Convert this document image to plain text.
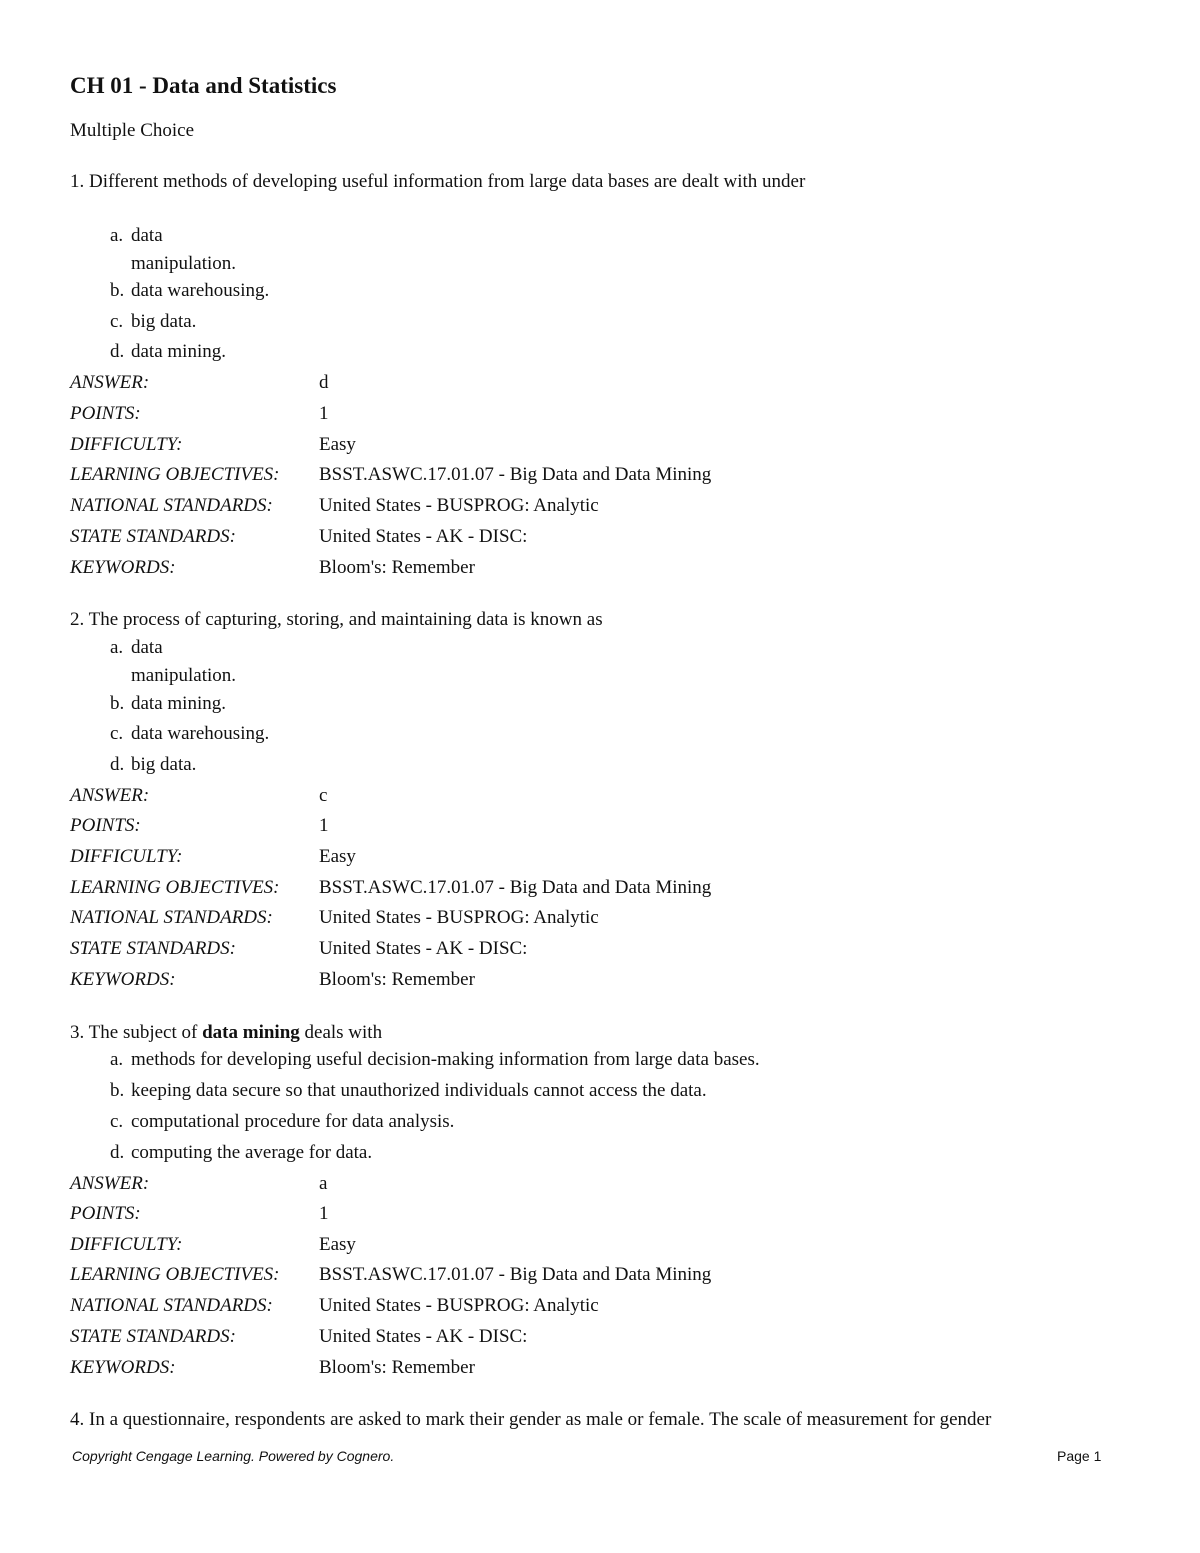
CH 01 - Data and Statistics
Multiple Choice
1. Different methods of developing useful information from large data bases are dealt with under
a. data
manipulation.
b. data warehousing.
c. big data.
d. data mining.
ANSWER:	d
POINTS:	1
DIFFICULTY:	Easy
LEARNING OBJECTIVES: BSST.ASWC.17.01.07 - Big Data and Data Mining
NATIONAL STANDARDS: United States - BUSPROG: Analytic
STATE STANDARDS:	United States - AK - DISC:
KEYWORDS:	Bloom's: Remember
2. The process of capturing, storing, and maintaining data is known as
a. data
manipulation.
b. data mining.
c. data warehousing.
d. big data.
ANSWER:	c
POINTS:	1
DIFFICULTY:	Easy
LEARNING OBJECTIVES: BSST.ASWC.17.01.07 - Big Data and Data Mining
NATIONAL STANDARDS: United States - BUSPROG: Analytic
STATE STANDARDS:	United States - AK - DISC:
KEYWORDS:	Bloom's: Remember
3. The subject of data mining deals with
a. methods for developing useful decision-making information from large data bases.
b. keeping data secure so that unauthorized individuals cannot access the data.
c. computational procedure for data analysis.
d. computing the average for data.
ANSWER:	a
POINTS:	1
DIFFICULTY:	Easy
LEARNING OBJECTIVES: BSST.ASWC.17.01.07 - Big Data and Data Mining
NATIONAL STANDARDS: United States - BUSPROG: Analytic
STATE STANDARDS:	United States - AK - DISC:
KEYWORDS:	Bloom's: Remember
4. In a questionnaire, respondents are asked to mark their gender as male or female. The scale of measurement for gender
Copyright Cengage Learning. Powered by Cognero.	Page 1
